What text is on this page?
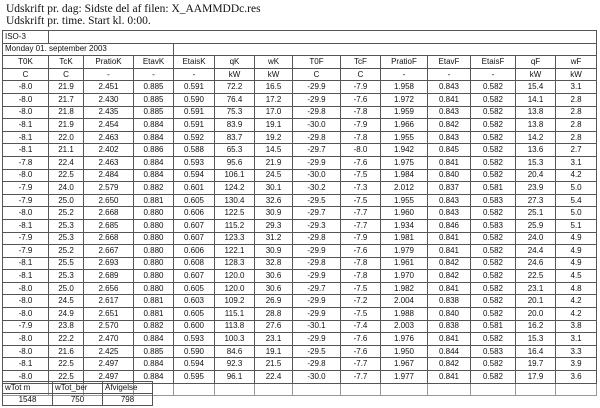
Udskrift pr. dag: Sidste del af filen: X_AAMMDDc.res
Udskrift pr. time. Start kl. 0:00.
ISO-3													
Monday 01. september 2003													
T0K	TcK	PratioK	EtavK	EtaisK	qK	wK	T0F	TcF	PratioF	EtavF	EtaisF	qF	wF
C	C	-	-	-	kW	kW	C	C	-	-	-	kW	kW
-8.0	21.9	2.451	0.885	0.591	72.2	16.5	-29.9	-7.9	1.958	0.843	0.582	15.4	3.1
-8.0	21.7	2.430	0.885	0.590	76.4	17.2	-29.9	-7.6	1.972	0.841	0.582	14.1	2.8
-8.0	21.8	2.435	0.885	0.591	75.3	17.0	-29.8	-7.8	1.959	0.843	0.582	13.8	2.8
-8.1	21.9	2.454	0.884	0.591	83.9	19.1	-30.0	-7.9	1.966	0.842	0.582	13.8	2.8
-8.1	22.0	2.463	0.884	0.592	83.7	19.2	-29.8	-7.8	1.955	0.843	0.582	14.2	2.8
-8.1	21.1	2.402	0.886	0.588	65.3	14.5	-29.7	-8.0	1.942	0.845	0.582	13.6	2.7
-7.8	22.4	2.463	0.884	0.593	95.6	21.9	-29.9	-7.6	1.975	0.841	0.582	15.3	3.1
-8.0	22.5	2.484	0.884	0.594	106.1	24.5	-30.0	-7.5	1.984	0.840	0.582	20.4	4.2
-7.9	24.0	2.579	0.882	0.601	124.2	30.1	-30.2	-7.3	2.012	0.837	0.581	23.9	5.0
-7.9	25.0	2.650	0.881	0.605	130.4	32.6	-29.5	-7.5	1.955	0.843	0.583	27.3	5.4
-8.0	25.2	2.668	0.880	0.606	122.5	30.9	-29.7	-7.7	1.960	0.843	0.582	25.1	5.0
-8.1	25.3	2.685	0.880	0.607	115.2	29.3	-29.3	-7.7	1.934	0.846	0.583	25.9	5.1
-7.9	25.3	2.668	0.880	0.607	123.3	31.2	-29.8	-7.9	1.981	0.841	0.582	24.0	4.9
-7.9	25.2	2.667	0.880	0.606	122.1	30.9	-29.9	-7.6	1.979	0.841	0.582	24.4	4.9
-8.1	25.5	2.693	0.880	0.608	128.3	32.8	-29.8	-7.8	1.961	0.842	0.582	24.6	4.9
-8.1	25.3	2.689	0.880	0.607	120.0	30.6	-29.9	-7.8	1.970	0.842	0.582	22.5	4.5
-8.0	25.0	2.656	0.880	0.605	120.0	30.6	-29.7	-7.5	1.982	0.841	0.582	23.1	4.8
-8.0	24.5	2.617	0.881	0.603	109.2	26.9	-29.9	-7.2	2.004	0.838	0.582	20.1	4.2
-8.0	24.9	2.651	0.881	0.605	115.1	28.8	-29.9	-7.5	1.988	0.840	0.582	20.0	4.2
-7.9	23.8	2.570	0.882	0.600	113.8	27.6	-30.1	-7.4	2.003	0.838	0.581	16.2	3.8
-8.0	22.2	2.470	0.884	0.593	100.3	23.1	-29.9	-7.6	1.976	0.841	0.582	15.3	3.1
-8.0	21.6	2.425	0.885	0.590	84.6	19.1	-29.5	-7.6	1.950	0.844	0.583	16.4	3.3
-8.1	22.5	2.497	0.884	0.594	92.3	21.5	-29.8	-7.7	1.967	0.842	0.582	19.7	3.9
-8.0	22.5	2.497	0.884	0.595	96.1	22.4	-30.0	-7.7	1.977	0.841	0.582	17.9	3.6

wTot m	wTot_ber	Afvigelse
1548	750	798
